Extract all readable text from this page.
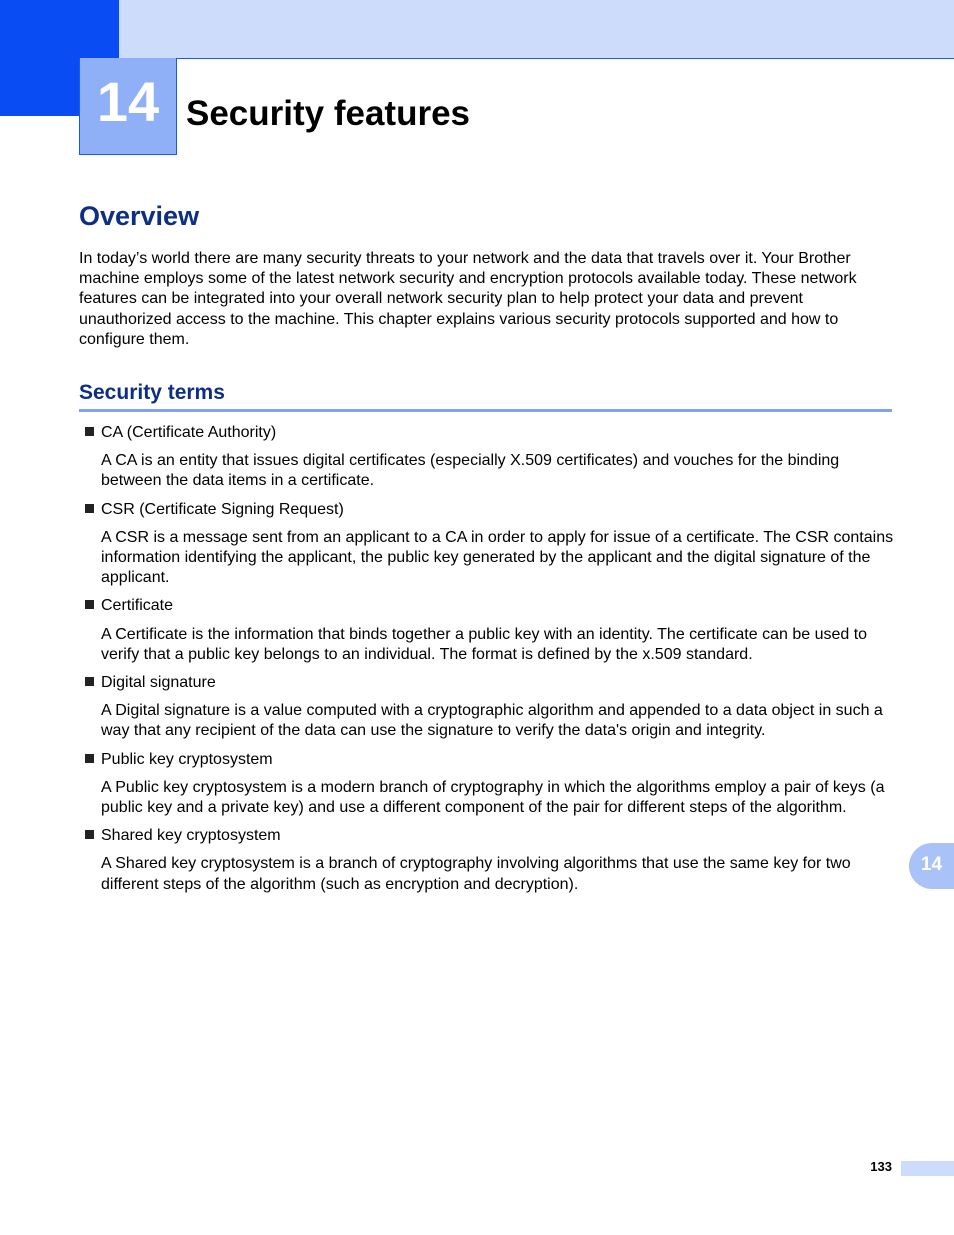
14 Security features
Overview

In today’s world there are many security threats to your network and the data that travels over it. Your Brother machine employs some of the latest network security and encryption protocols available today. These network features can be integrated into your overall network security plan to help protect your data and prevent unauthorized access to the machine. This chapter explains various security protocols supported and how to configure them.

Security terms
CA (Certificate Authority)
A CA is an entity that issues digital certificates (especially X.509 certificates) and vouches for the binding between the data items in a certificate.
CSR (Certificate Signing Request)
A CSR is a message sent from an applicant to a CA in order to apply for issue of a certificate. The CSR contains information identifying the applicant, the public key generated by the applicant and the digital signature of the applicant.
Certificate
A Certificate is the information that binds together a public key with an identity. The certificate can be used to verify that a public key belongs to an individual. The format is defined by the x.509 standard.
Digital signature
A Digital signature is a value computed with a cryptographic algorithm and appended to a data object in such a way that any recipient of the data can use the signature to verify the data's origin and integrity.
Public key cryptosystem
A Public key cryptosystem is a modern branch of cryptography in which the algorithms employ a pair of keys (a public key and a private key) and use a different component of the pair for different steps of the algorithm.
Shared key cryptosystem
A Shared key cryptosystem is a branch of cryptography involving algorithms that use the same key for two different steps of the algorithm (such as encryption and decryption).
14
133
